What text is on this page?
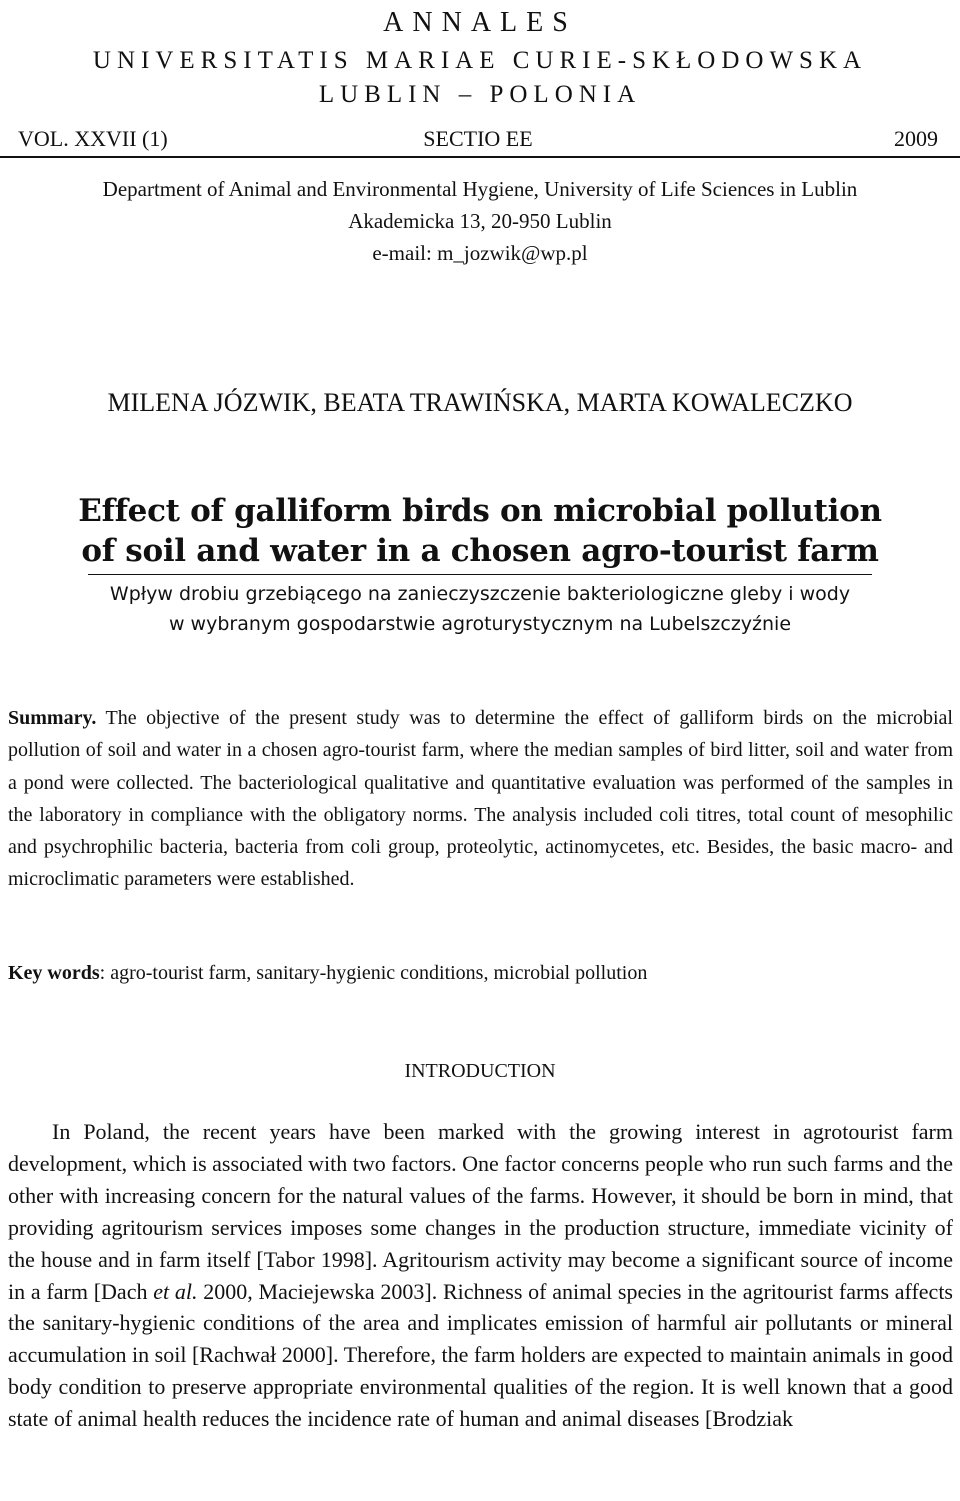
ANNALES
UNIVERSITATIS MARIAE CURIE-SKŁODOWSKA
LUBLIN – POLONIA
VOL. XXVII (1)	SECTIO EE	2009
Department of Animal and Environmental Hygiene, University of Life Sciences in Lublin
Akademicka 13, 20-950 Lublin
e-mail: m_jozwik@wp.pl
MILENA JÓZWIK, BEATA TRAWIŃSKA, MARTA KOWALECZKO
Effect of galliform birds on microbial pollution
of soil and water in a chosen agro-tourist farm
Wpływ drobiu grzebiącego na zanieczyszczenie bakteriologiczne gleby i wody
w wybranym gospodarstwie agroturystycznym na Lubelszczyźnie
Summary. The objective of the present study was to determine the effect of galliform birds on the microbial pollution of soil and water in a chosen agro-tourist farm, where the median samples of bird litter, soil and water from a pond were collected. The bacteriological qualitative and quantitative evaluation was performed of the samples in the laboratory in compliance with the obligatory norms. The analysis included coli titres, total count of mesophilic and psychrophilic bacteria, bacteria from coli group, proteolytic, actinomycetes, etc. Besides, the basic macro- and microclimatic parameters were established.
Key words: agro-tourist farm, sanitary-hygienic conditions, microbial pollution
INTRODUCTION
In Poland, the recent years have been marked with the growing interest in agrotourist farm development, which is associated with two factors. One factor concerns people who run such farms and the other with increasing concern for the natural values of the farms. However, it should be born in mind, that providing agritourism services imposes some changes in the production structure, immediate vicinity of the house and in farm itself [Tabor 1998]. Agritourism activity may become a significant source of income in a farm [Dach et al. 2000, Maciejewska 2003]. Richness of animal species in the agritourist farms affects the sanitary-hygienic conditions of the area and implicates emission of harmful air pollutants or mineral accumulation in soil [Rachwał 2000]. Therefore, the farm holders are expected to maintain animals in good body condition to preserve appropriate environmental qualities of the region. It is well known that a good state of animal health reduces the incidence rate of human and animal diseases [Brodziak
